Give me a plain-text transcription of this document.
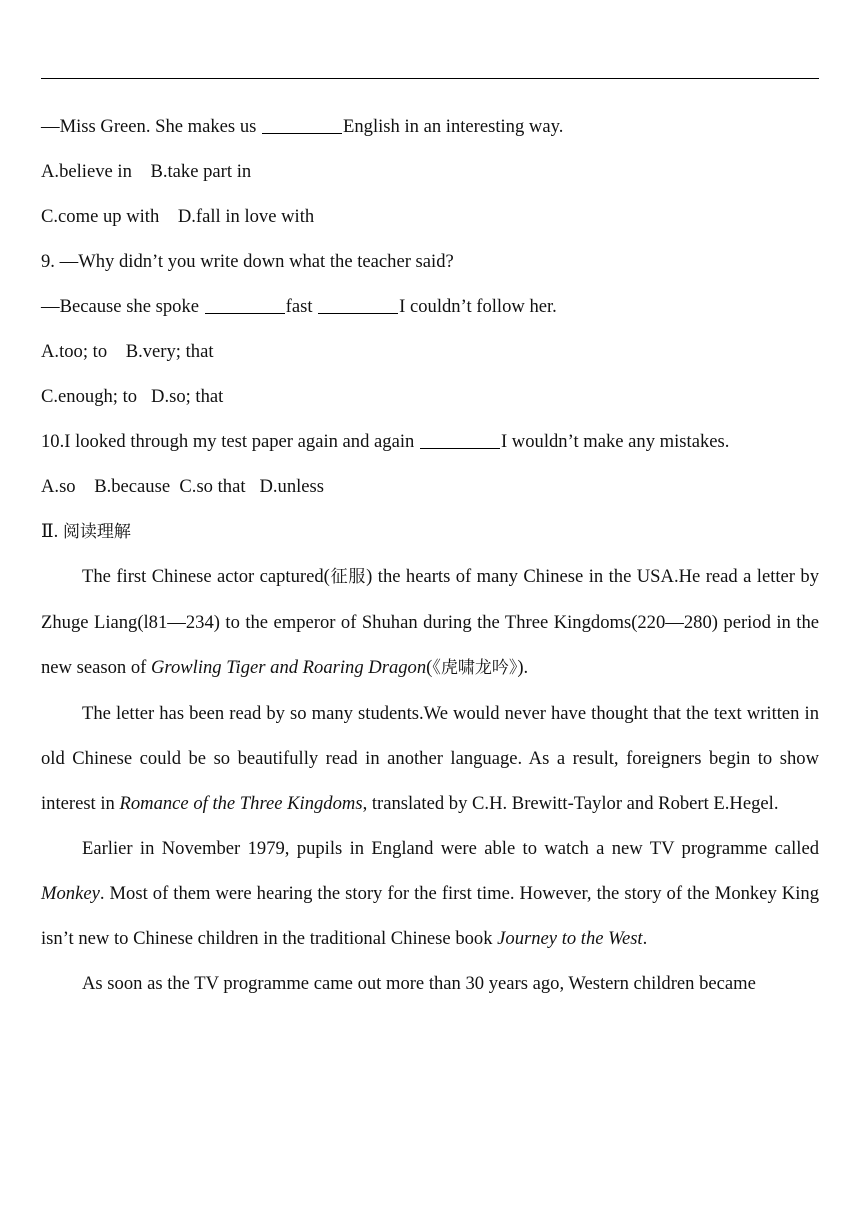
—Miss Green. She makes us	English in an interesting way.

A.believe in    B.take part in

C.come up with    D.fall in love with

9. —Why didn’t you write down what the teacher said?

—Because she spoke	fast	I couldn’t follow her.

A.too; to    B.very; that

C.enough; to   D.so; that

10.I looked through my test paper again and again	I wouldn’t make any mistakes.

A.so    B.because  C.so that   D.unless

Ⅱ. 阅读理解

The first Chinese actor captured(征服) the hearts of many Chinese in the USA.He read a letter by Zhuge Liang(l81—234) to the emperor of Shuhan during the Three Kingdoms(220—280) period in the new season of Growling Tiger and Roaring Dragon(《虎啸龙吟》).

The letter has been read by so many students.We would never have thought that the text written in old Chinese could be so beautifully read in another language. As a result, foreigners begin to show interest in Romance of the Three Kingdoms, translated by C.H. Brewitt-Taylor and Robert E.Hegel.

Earlier in November 1979, pupils in England were able to watch a new TV programme called Monkey. Most of them were hearing the story for the first time. However, the story of the Monkey King isn’t new to Chinese children in the traditional Chinese book Journey to the West.

As soon as the TV programme came out more than 30 years ago, Western children became
